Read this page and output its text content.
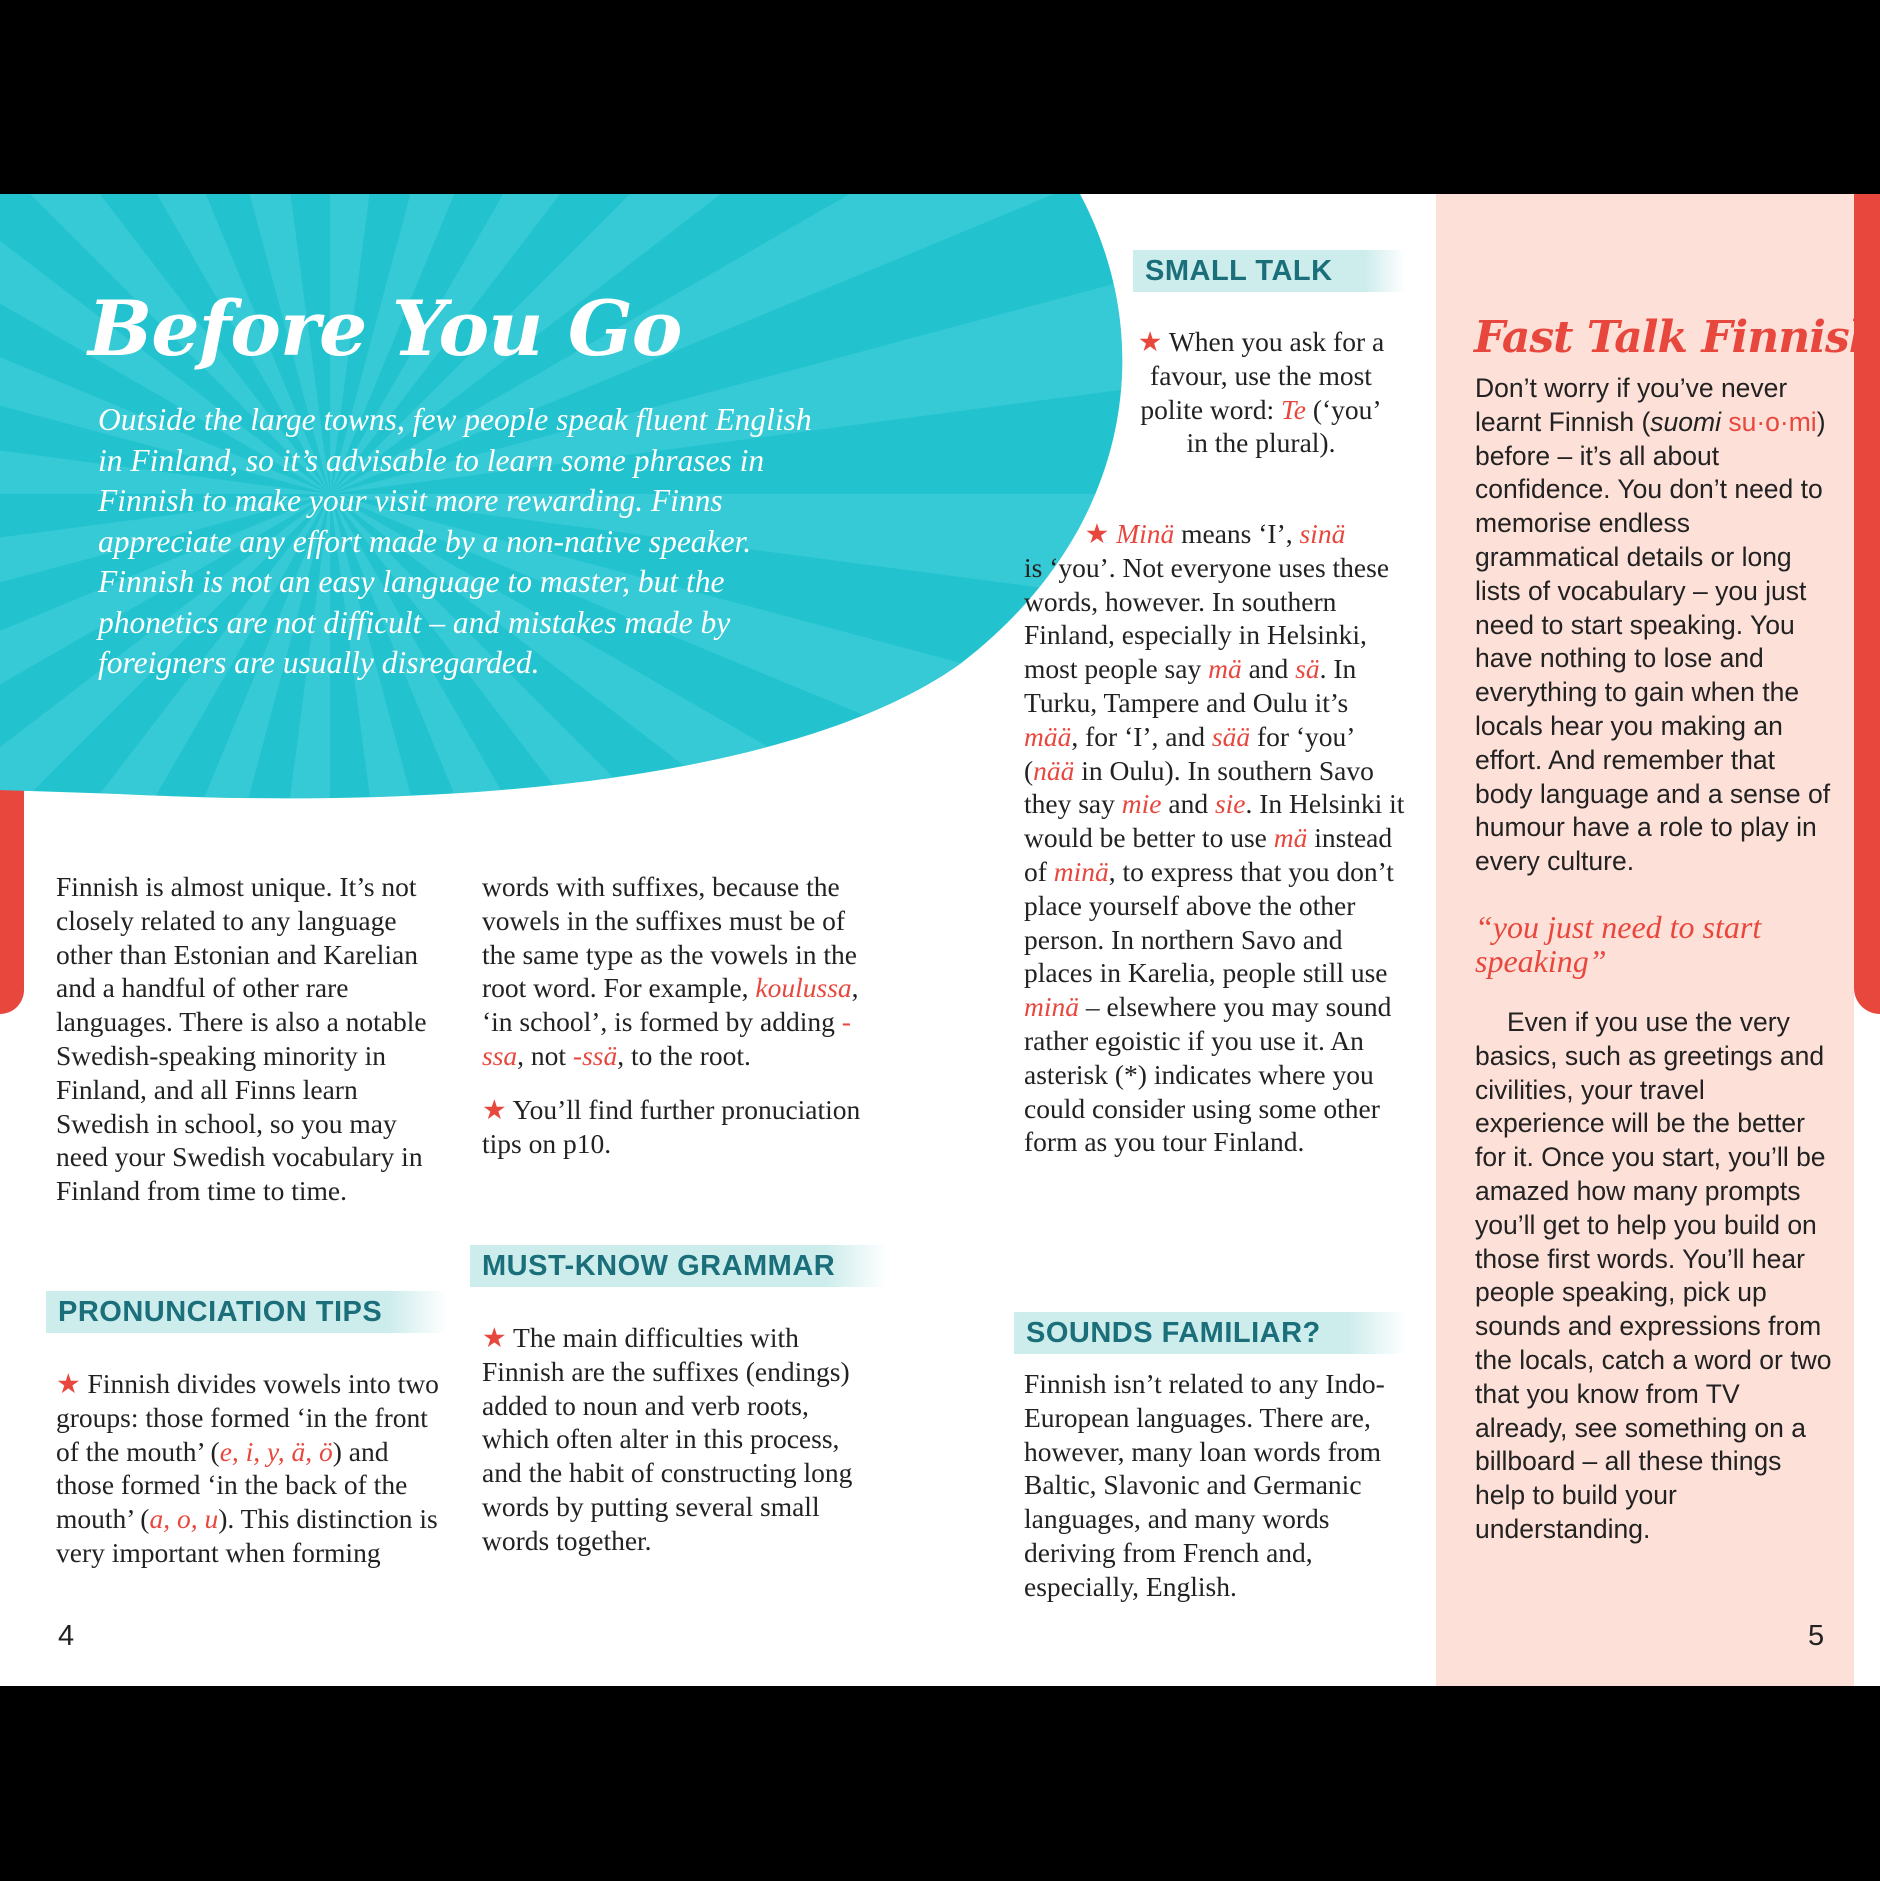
Before You Go

Outside the large towns, few people speak fluent English in Finland, so it’s advisable to learn some phrases in Finnish to make your visit more rewarding. Finns appreciate any effort made by a non-native speaker. Finnish is not an easy language to master, but the phonetics are not difficult – and mistakes made by foreigners are usually disregarded.

Finnish is almost unique. It’s not closely related to any language other than Estonian and Karelian and a handful of other rare languages. There is also a notable Swedish-speaking minority in Finland, and all Finns learn Swedish in school, so you may need your Swedish vocabulary in Finland from time to time.

PRONUNCIATION TIPS

★ Finnish divides vowels into two groups: those formed ‘in the front of the mouth’ (e, i, y, ä, ö) and those formed ‘in the back of the mouth’ (a, o, u). This distinction is very important when forming

4

words with suffixes, because the vowels in the suffixes must be of the same type as the vowels in the root word. For example, koulussa, ‘in school’, is formed by adding -ssa, not -ssä, to the root.

★ You’ll find further pronuciation tips on p10.

MUST-KNOW GRAMMAR

★ The main difficulties with Finnish are the suffixes (endings) added to noun and verb roots, which often alter in this process, and the habit of constructing long words by putting several small words together.

SMALL TALK

★ When you ask for a favour, use the most polite word: Te (‘you’ in the plural).

★ Minä means ‘I’, sinä
is ‘you’. Not everyone uses these words, however. In southern Finland, especially in Helsinki, most people say mä and sä. In Turku, Tampere and Oulu it’s mää, for ‘I’, and sää for ‘you’ (nää in Oulu). In southern Savo they say mie and sie. In Helsinki it would be better to use mä instead of minä, to express that you don’t place yourself above the other person. In northern Savo and places in Karelia, people still use minä – elsewhere you may sound rather egoistic if you use it. An asterisk (*) indicates where you could consider using some other form as you tour Finland.

SOUNDS FAMILIAR?

Finnish isn’t related to any Indo-European languages. There are, however, many loan words from Baltic, Slavonic and Germanic languages, and many words deriving from French and, especially, English.

Fast Talk Finnish

Don’t worry if you’ve never learnt Finnish (suomi su·o·mi) before – it’s all about confidence. You don’t need to memorise endless grammatical details or long lists of vocabulary – you just need to start speaking. You have nothing to lose and everything to gain when the locals hear you making an effort. And remember that body language and a sense of humour have a role to play in every culture.

“you just need to start speaking”

Even if you use the very basics, such as greetings and civilities, your travel experience will be the better for it. Once you start, you’ll be amazed how many prompts you’ll get to help you build on those first words. You’ll hear people speaking, pick up sounds and expressions from the locals, catch a word or two that you know from TV already, see something on a billboard – all these things help to build your understanding.

5
